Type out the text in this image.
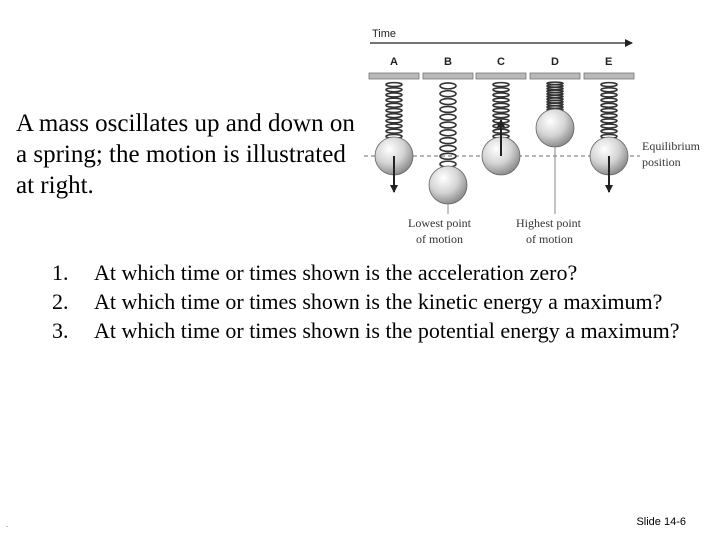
A mass oscillates up and down on a spring; the motion is illustrated at right.
Time
A	B	C	D	E
Lowest point
of motion
Highest point
of motion
Equilibrium
position
1.	At which time or times shown is the acceleration zero?
2.	At which time or times shown is the kinetic energy a maximum?
3.	At which time or times shown is the potential energy a maximum?
.	Slide 14-6
